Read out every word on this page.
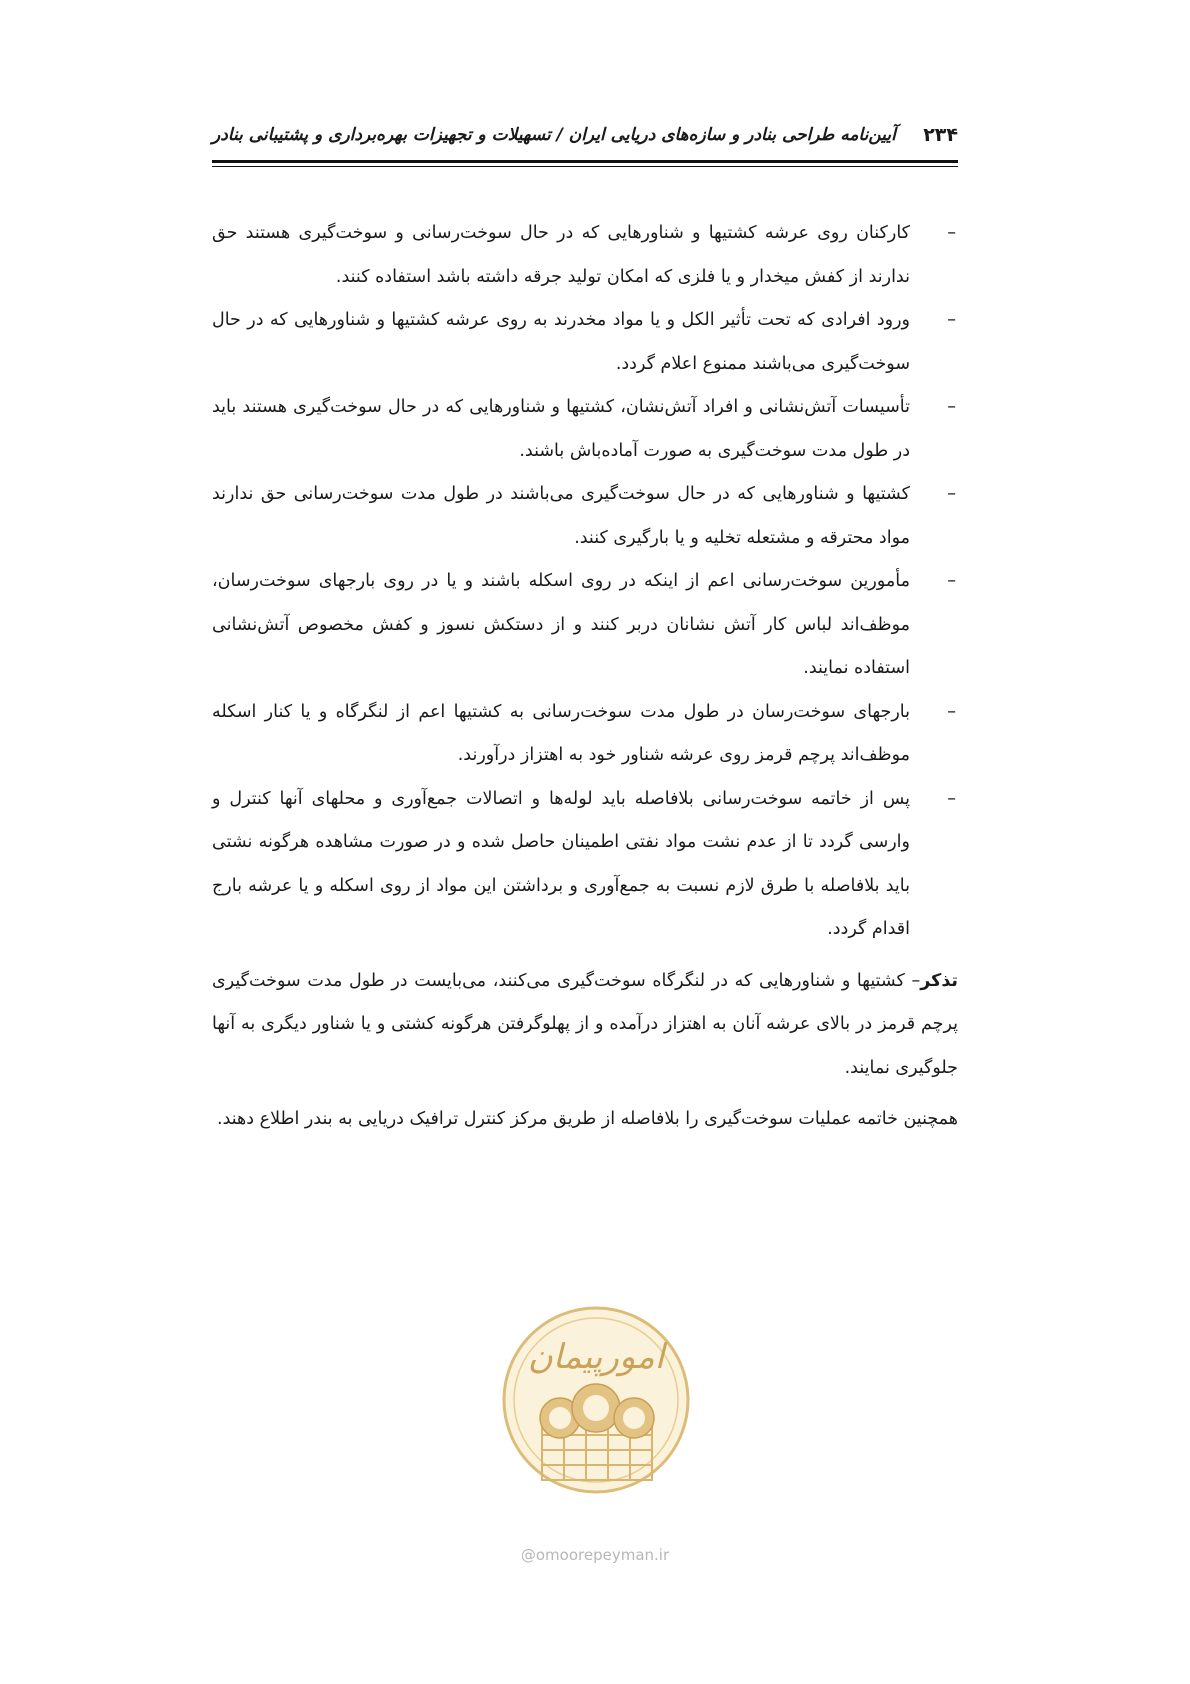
۲۳۴
آیین‌نامه طراحی بنادر و سازه‌های دریایی ایران / تسهیلات و تجهیزات بهره‌برداری و پشتیبانی بنادر
–
کارکنان روی عرشه کشتیها و شناورهایی که در حال سوخت‌رسانی و سوخت‌گیری هستند حق ندارند از کفش میخدار و یا فلزی که امکان تولید جرقه داشته باشد استفاده کنند.
–
ورود افرادی که تحت تأثیر الکل و یا مواد مخدرند به روی عرشه کشتیها و شناورهایی که در حال سوخت‌گیری می‌باشند ممنوع اعلام گردد.
–
تأسیسات آتش‌نشانی و افراد آتش‌نشان، کشتیها و شناورهایی که در حال سوخت‌گیری هستند باید در طول مدت سوخت‌گیری به صورت آماده‌باش باشند.
–
کشتیها و شناورهایی که در حال سوخت‌گیری می‌باشند در طول مدت سوخت‌رسانی حق ندارند مواد محترقه و مشتعله تخلیه و یا بارگیری کنند.
–
مأمورین سوخت‌رسانی اعم از اینکه در روی اسکله باشند و یا در روی بارجهای سوخت‌رسان، موظف‌اند لباس کار آتش نشانان دربر کنند و از دستکش نسوز و کفش مخصوص آتش‌نشانی استفاده نمایند.
–
بارجهای سوخت‌رسان در طول مدت سوخت‌رسانی به کشتیها اعم از لنگرگاه و یا کنار اسکله موظف‌اند پرچم قرمز روی عرشه شناور خود به اهتزاز درآورند.
–
پس از خاتمه سوخت‌رسانی بلافاصله باید لوله‌ها و اتصالات جمع‌آوری و محلهای آنها کنترل و وارسی گردد تا از عدم نشت مواد نفتی اطمینان حاصل شده و در صورت مشاهده هرگونه نشتی باید بلافاصله با طرق لازم نسبت به جمع‌آوری و برداشتن این مواد از روی اسکله و یا عرشه بارج اقدام گردد.

تذکر– کشتیها و شناورهایی که در لنگرگاه سوخت‌گیری می‌کنند، می‌بایست در طول مدت سوخت‌گیری پرچم قرمز در بالای عرشه آنان به اهتزاز درآمده و از پهلوگرفتن هرگونه کشتی و یا شناور دیگری به آنها جلوگیری نمایند.

همچنین خاتمه عملیات سوخت‌گیری را بلافاصله از طریق مرکز کنترل ترافیک دریایی به بندر اطلاع دهند.

امورپیمان
@omoorepeyman.ir
